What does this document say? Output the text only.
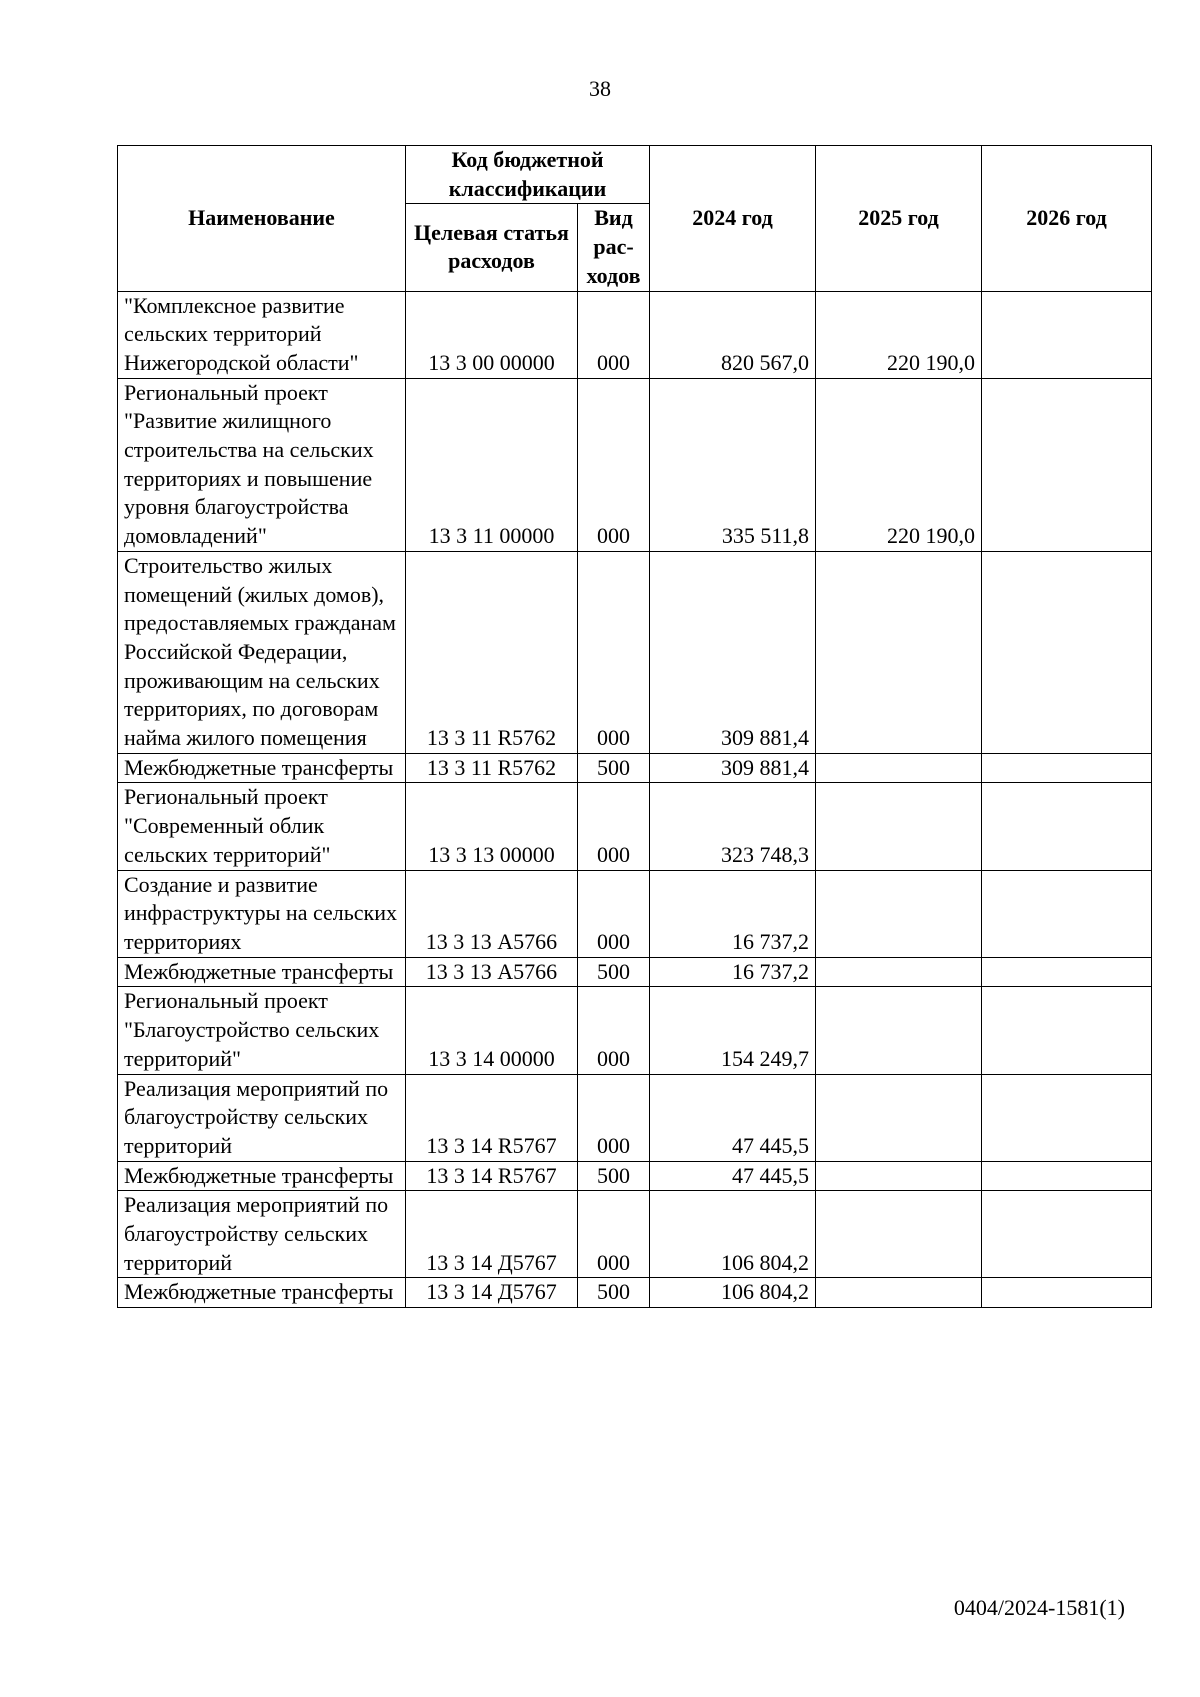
38
Наименование	Код бюджетной классификации		2024 год	2025 год	2026 год
	Целевая статья расходов	Вид рас-ходов			
"Комплексное развитие сельских территорий Нижегородской области"	13 3 00 00000	000	820 567,0	220 190,0	
Региональный проект "Развитие жилищного строительства на сельских территориях и повышение уровня благоустройства домовладений"	13 3 11 00000	000	335 511,8	220 190,0	
Строительство жилых помещений (жилых домов), предоставляемых гражданам Российской Федерации, проживающим на сельских территориях, по договорам найма жилого помещения	13 3 11 R5762	000	309 881,4		
Межбюджетные трансферты	13 3 11 R5762	500	309 881,4		
Региональный проект "Современный облик сельских территорий"	13 3 13 00000	000	323 748,3		
Создание и развитие инфраструктуры на сельских территориях	13 3 13 А5766	000	16 737,2		
Межбюджетные трансферты	13 3 13 А5766	500	16 737,2		
Региональный проект "Благоустройство сельских территорий"	13 3 14 00000	000	154 249,7		
Реализация мероприятий по благоустройству сельских территорий	13 3 14 R5767	000	47 445,5		
Межбюджетные трансферты	13 3 14 R5767	500	47 445,5		
Реализация мероприятий по благоустройству сельских территорий	13 3 14 Д5767	000	106 804,2		
Межбюджетные трансферты	13 3 14 Д5767	500	106 804,2		
0404/2024-1581(1)
